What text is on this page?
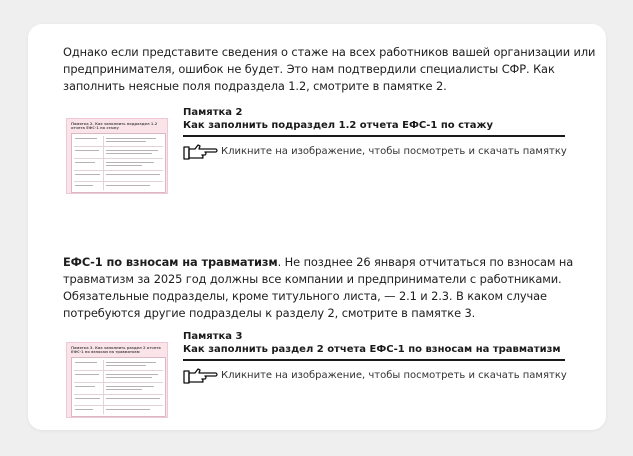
Однако если представите сведения о стаже на всех работников вашей организации или предпринимателя, ошибок не будет. Это нам подтвердили специалисты СФР. Как заполнить неясные поля подраздела 1.2, смотрите в памятке 2.

Памятка 2. Как заполнить подраздел 1.2 отчета ЕФС-1 по стажу
Памятка 2
Как заполнить подраздел 1.2 отчета ЕФС-1 по стажу
Кликните на изображение, чтобы посмотреть и скачать памятку

ЕФС-1 по взносам на травматизм. Не позднее 26 января отчитаться по взносам на травматизм за 2025 год должны все компании и предприниматели с работниками. Обязательные подразделы, кроме титульного листа, — 2.1 и 2.3. В каком случае потребуются другие подразделы к разделу 2, смотрите в памятке 3.

Памятка 3. Как заполнить раздел 2 отчета ЕФС-1 по взносам на травматизм
Памятка 3
Как заполнить раздел 2 отчета ЕФС-1 по взносам на травматизм
Кликните на изображение, чтобы посмотреть и скачать памятку
